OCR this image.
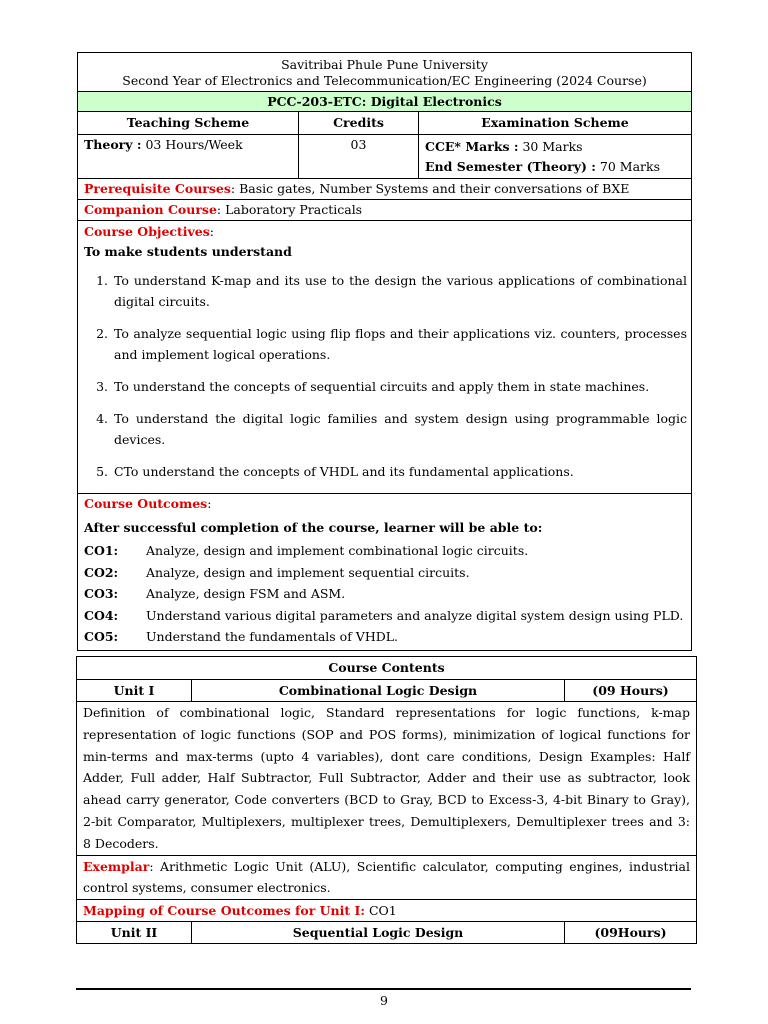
Savitribai Phule Pune University
Second Year of Electronics and Telecommunication/EC Engineering (2024 Course)
PCC-203-ETC: Digital Electronics
Teaching Scheme	Credits	Examination Scheme
Theory : 03 Hours/Week	03	CCE* Marks : 30 Marks
End Semester (Theory) : 70 Marks
Prerequisite Courses: Basic gates, Number Systems and their conversations of BXE
Companion Course: Laboratory Practicals
Course Objectives:
To make students understand
1. To understand K-map and its use to the design the various applications of combinational digital circuits.
2. To analyze sequential logic using flip flops and their applications viz. counters, processes and implement logical operations.
3. To understand the concepts of sequential circuits and apply them in state machines.
4. To understand the digital logic families and system design using programmable logic devices.
5. CTo understand the concepts of VHDL and its fundamental applications.
Course Outcomes:
After successful completion of the course, learner will be able to:
CO1:	Analyze, design and implement combinational logic circuits.
CO2:	Analyze, design and implement sequential circuits.
CO3:	Analyze, design FSM and ASM.
CO4:	Understand various digital parameters and analyze digital system design using PLD.
CO5:	Understand the fundamentals of VHDL.
Course Contents
Unit I	Combinational Logic Design	(09 Hours)
Definition of combinational logic, Standard representations for logic functions, k-map representation of logic functions (SOP and POS forms), minimization of logical functions for min-terms and max-terms (upto 4 variables), dont care conditions, Design Examples: Half Adder, Full adder, Half Subtractor, Full Subtractor, Adder and their use as subtractor, look ahead carry generator, Code converters (BCD to Gray, BCD to Excess-3, 4-bit Binary to Gray), 2-bit Comparator, Multiplexers, multiplexer trees, Demultiplexers, Demultiplexer trees and 3: 8 Decoders.
Exemplar: Arithmetic Logic Unit (ALU), Scientific calculator, computing engines, industrial control systems, consumer electronics.
Mapping of Course Outcomes for Unit I: CO1
Unit II	Sequential Logic Design	(09Hours)
9
